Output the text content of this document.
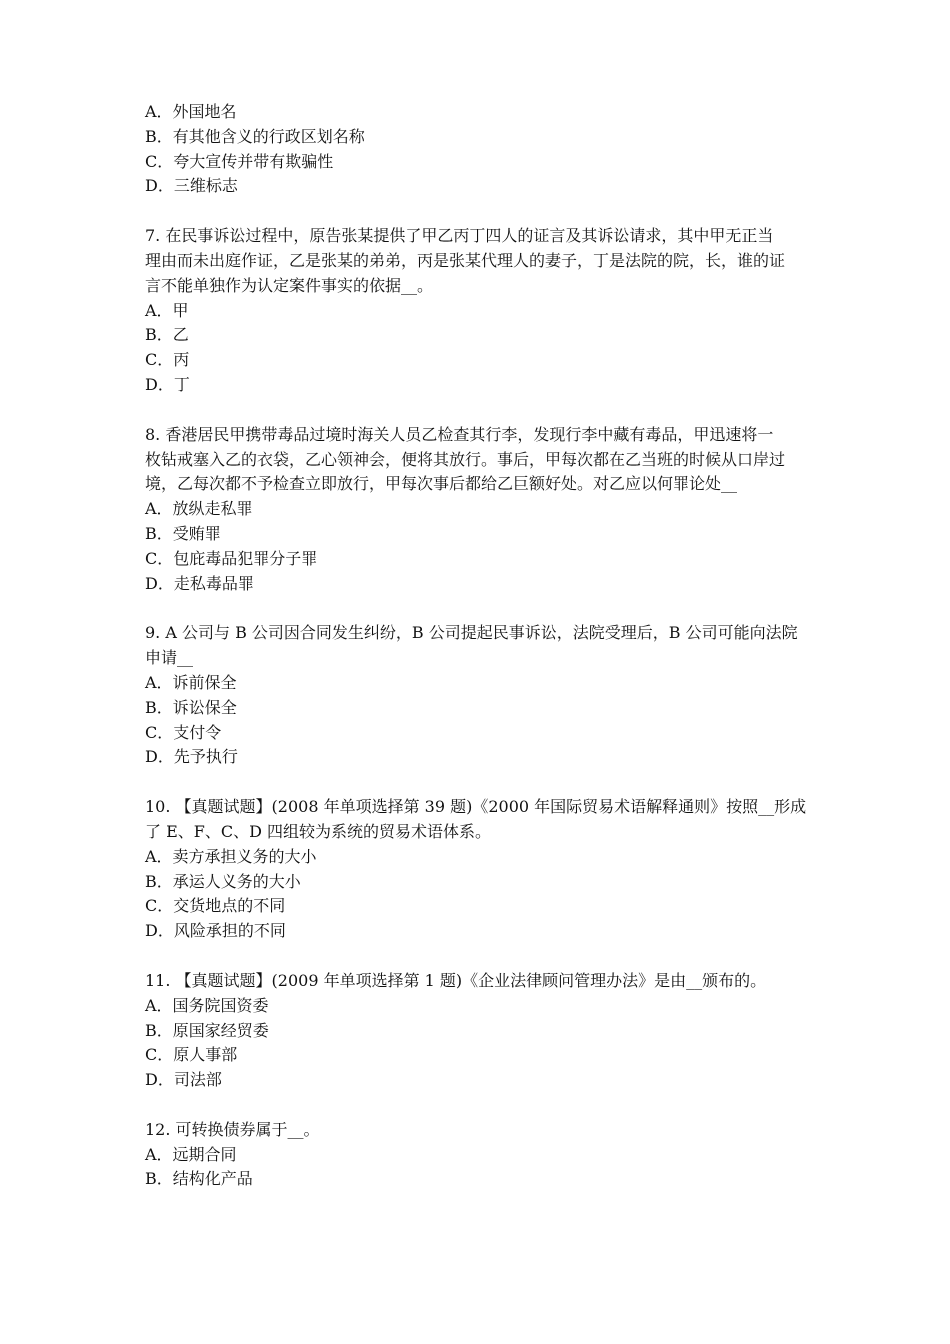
A．外国地名
B．有其他含义的行政区划名称
C．夸大宣传并带有欺骗性
D．三维标志
7. 在民事诉讼过程中，原告张某提供了甲乙丙丁四人的证言及其诉讼请求，其中甲无正当
理由而未出庭作证，乙是张某的弟弟，丙是张某代理人的妻子，丁是法院的院，长，谁的证
言不能单独作为认定案件事实的依据__。
A．甲
B．乙
C．丙
D．丁
8. 香港居民甲携带毒品过境时海关人员乙检查其行李，发现行李中藏有毒品，甲迅速将一
枚钻戒塞入乙的衣袋，乙心领神会，便将其放行。事后，甲每次都在乙当班的时候从口岸过
境，乙每次都不予检查立即放行，甲每次事后都给乙巨额好处。对乙应以何罪论处__
A．放纵走私罪
B．受贿罪
C．包庇毒品犯罪分子罪
D．走私毒品罪
9. A 公司与 B 公司因合同发生纠纷，B 公司提起民事诉讼，法院受理后，B 公司可能向法院
申请__
A．诉前保全
B．诉讼保全
C．支付令
D．先予执行
10. 【真题试题】(2008 年单项选择第 39 题)《2000 年国际贸易术语解释通则》按照__形成
了 E、F、C、D 四组较为系统的贸易术语体系。
A．卖方承担义务的大小
B．承运人义务的大小
C．交货地点的不同
D．风险承担的不同
11. 【真题试题】(2009 年单项选择第 1 题)《企业法律顾问管理办法》是由__颁布的。
A．国务院国资委
B．原国家经贸委
C．原人事部
D．司法部
12. 可转换债券属于__。
A．远期合同
B．结构化产品
